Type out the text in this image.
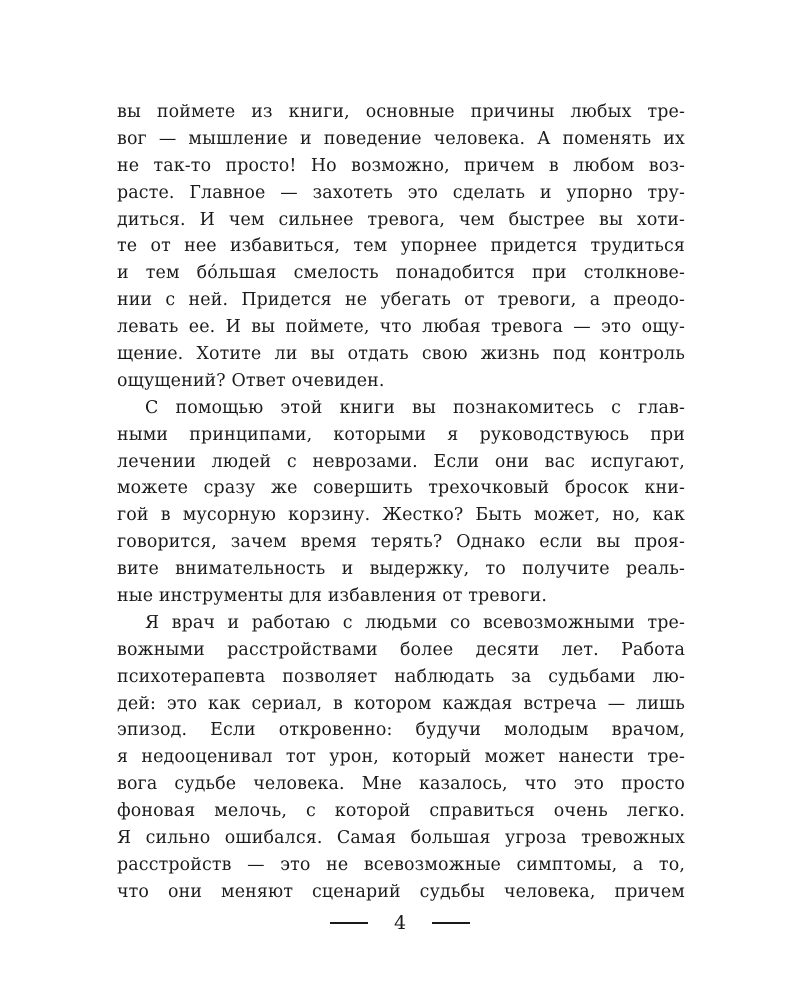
вы поймете из книги, основные причины любых тре-
вог — мышление и поведение человека. А поменять их
не так-то просто! Но возможно, причем в любом воз-
расте. Главное — захотеть это сделать и упорно тру-
диться. И чем сильнее тревога, чем быстрее вы хоти-
те от нее избавиться, тем упорнее придется трудиться
и тем бóльшая смелость понадобится при столкнове-
нии с ней. Придется не убегать от тревоги, а преодо-
левать ее. И вы поймете, что любая тревога — это ощу-
щение. Хотите ли вы отдать свою жизнь под контроль
ощущений? Ответ очевиден.
С помощью этой книги вы познакомитесь с глав-
ными принципами, которыми я руководствуюсь при
лечении людей с неврозами. Если они вас испугают,
можете сразу же совершить трехочковый бросок кни-
гой в мусорную корзину. Жестко? Быть может, но, как
говорится, зачем время терять? Однако если вы проя-
вите внимательность и выдержку, то получите реаль-
ные инструменты для избавления от тревоги.
Я врач и работаю с людьми со всевозможными тре-
вожными расстройствами более десяти лет. Работа
психотерапевта позволяет наблюдать за судьбами лю-
дей: это как сериал, в котором каждая встреча — лишь
эпизод. Если откровенно: будучи молодым врачом,
я недооценивал тот урон, который может нанести тре-
вога судьбе человека. Мне казалось, что это просто
фоновая мелочь, с которой справиться очень легко.
Я сильно ошибался. Самая большая угроза тревожных
расстройств — это не всевозможные симптомы, а то,
что они меняют сценарий судьбы человека, причем
4
